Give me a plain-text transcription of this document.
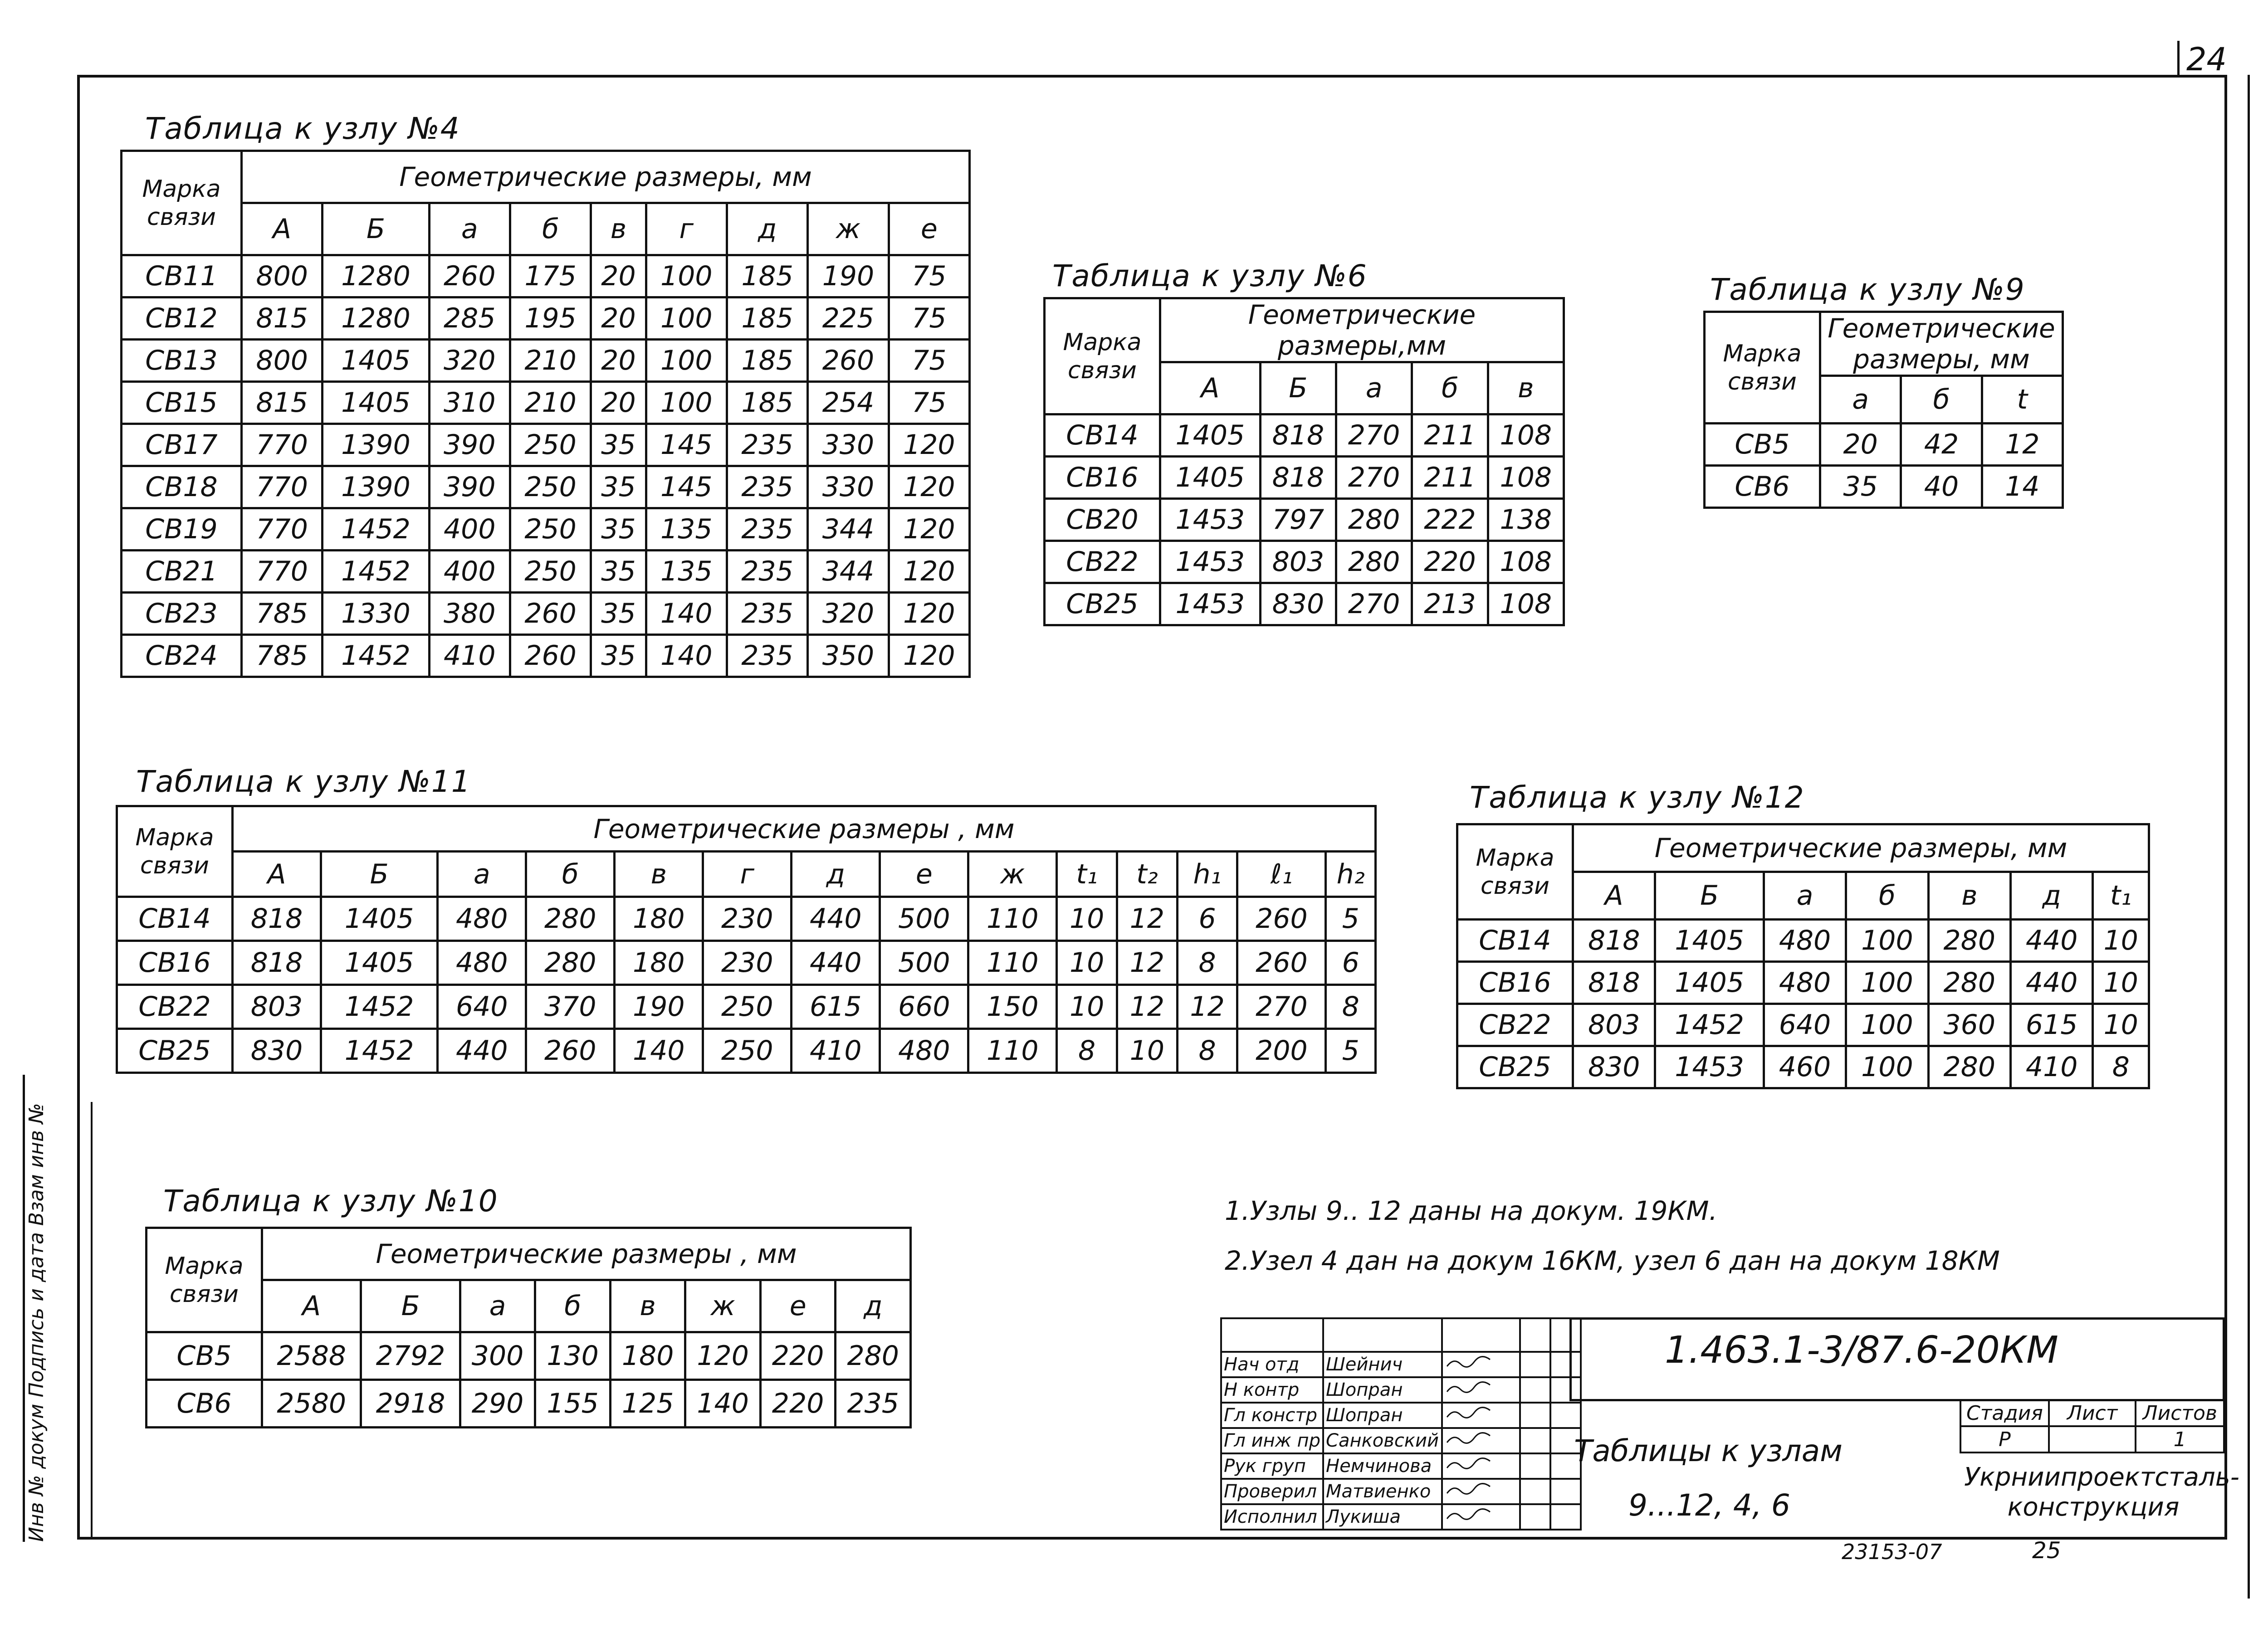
24
Инв № докум Подпись и дата Взам инв №
Таблица к узлу №4
Марка связи	Геометрические размеры, мм								
	А	Б	а	б	в	г	д	ж	е
СВ11	800	1280	260	175	20	100	185	190	75
СВ12	815	1280	285	195	20	100	185	225	75
СВ13	800	1405	320	210	20	100	185	260	75
СВ15	815	1405	310	210	20	100	185	254	75
СВ17	770	1390	390	250	35	145	235	330	120
СВ18	770	1390	390	250	35	145	235	330	120
СВ19	770	1452	400	250	35	135	235	344	120
СВ21	770	1452	400	250	35	135	235	344	120
СВ23	785	1330	380	260	35	140	235	320	120
СВ24	785	1452	410	260	35	140	235	350	120
Таблица к узлу №6
Марка связи	Геометрические размеры,мм				
	А	Б	а	б	в
СВ14	1405	818	270	211	108
СВ16	1405	818	270	211	108
СВ20	1453	797	280	222	138
СВ22	1453	803	280	220	108
СВ25	1453	830	270	213	108
Таблица к узлу №9
Марка связи	Геометрические размеры, мм		
	а	б	t
СВ5	20	42	12
СВ6	35	40	14
Таблица к узлу №11
Марка связи	Геометрические размеры , мм													
	А	Б	а	б	в	г	д	е	ж	t₁	t₂	h₁	ℓ₁	h₂
СВ14	818	1405	480	280	180	230	440	500	110	10	12	6	260	5
СВ16	818	1405	480	280	180	230	440	500	110	10	12	8	260	6
СВ22	803	1452	640	370	190	250	615	660	150	10	12	12	270	8
СВ25	830	1452	440	260	140	250	410	480	110	8	10	8	200	5
Таблица к узлу №12
Марка связи	Геометрические размеры, мм						
	А	Б	а	б	в	д	t₁
СВ14	818	1405	480	100	280	440	10
СВ16	818	1405	480	100	280	440	10
СВ22	803	1452	640	100	360	615	10
СВ25	830	1453	460	100	280	410	8
Таблица к узлу №10
Марка связи	Геометрические размеры , мм							
	А	Б	а	б	в	ж	е	д
СВ5	2588	2792	300	130	180	120	220	280
СВ6	2580	2918	290	155	125	140	220	235
1.Узлы 9.. 12 даны на докум. 19КМ.
2.Узел 4 дан на докум 16КМ, узел 6 дан на докум 18КМ

Нач отд	Шейнич			
Н контр	Шопран			
Гл констр	Шопран			
Гл инж пр	Санковский			
Рук груп	Немчинова			
Проверил	Матвиенко			
Исполнил	Лукиша			
1.463.1-3/87.6-20КМ
Таблицы к узлам
9...12, 4, 6
Стадия	Лист	Листов
Р		1
Укрниипроектсталь-конструкция
23153-07	25
